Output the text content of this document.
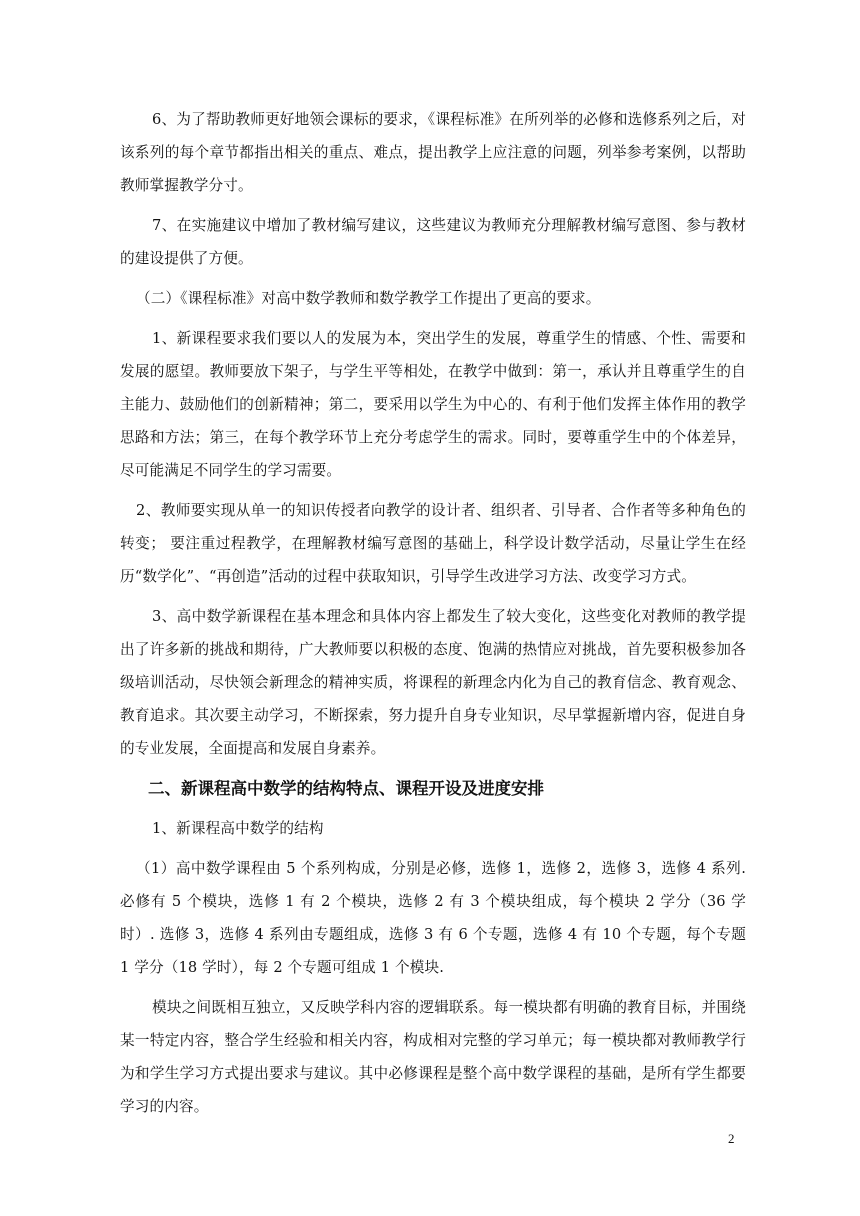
6、为了帮助教师更好地领会课标的要求，《课程标准》在所列举的必修和选修系列之后，对该系列的每个章节都指出相关的重点、难点，提出教学上应注意的问题，列举参考案例，以帮助教师掌握教学分寸。

7、在实施建议中增加了教材编写建议，这些建议为教师充分理解教材编写意图、参与教材的建设提供了方便。

（二）《课程标准》对高中数学教师和数学教学工作提出了更高的要求。

1、新课程要求我们要以人的发展为本，突出学生的发展，尊重学生的情感、个性、需要和发展的愿望。教师要放下架子，与学生平等相处，在教学中做到：第一，承认并且尊重学生的自主能力、鼓励他们的创新精神；第二，要采用以学生为中心的、有利于他们发挥主体作用的教学思路和方法；第三，在每个教学环节上充分考虑学生的需求。同时，要尊重学生中的个体差异，尽可能满足不同学生的学习需要。

2、教师要实现从单一的知识传授者向教学的设计者、组织者、引导者、合作者等多种角色的转变； 要注重过程教学，在理解教材编写意图的基础上，科学设计数学活动，尽量让学生在经历“数学化”、“再创造”活动的过程中获取知识，引导学生改进学习方法、改变学习方式。

3、高中数学新课程在基本理念和具体内容上都发生了较大变化，这些变化对教师的教学提出了许多新的挑战和期待，广大教师要以积极的态度、饱满的热情应对挑战，首先要积极参加各级培训活动，尽快领会新理念的精神实质，将课程的新理念内化为自己的教育信念、教育观念、教育追求。其次要主动学习，不断探索，努力提升自身专业知识，尽早掌握新增内容，促进自身的专业发展，全面提高和发展自身素养。

二、新课程高中数学的结构特点、课程开设及进度安排

1、新课程高中数学的结构

（1）高中数学课程由 5 个系列构成，分别是必修，选修 1，选修 2，选修 3，选修 4 系列. 必修有 5 个模块，选修 1 有 2 个模块，选修 2 有 3 个模块组成，每个模块 2 学分（36 学时）. 选修 3，选修 4 系列由专题组成，选修 3 有 6 个专题，选修 4 有 10 个专题，每个专题 1 学分（18 学时），每 2 个专题可组成 1 个模块.

模块之间既相互独立，又反映学科内容的逻辑联系。每一模块都有明确的教育目标，并围绕某一特定内容，整合学生经验和相关内容，构成相对完整的学习单元；每一模块都对教师教学行为和学生学习方式提出要求与建议。其中必修课程是整个高中数学课程的基础，是所有学生都要学习的内容。

2
